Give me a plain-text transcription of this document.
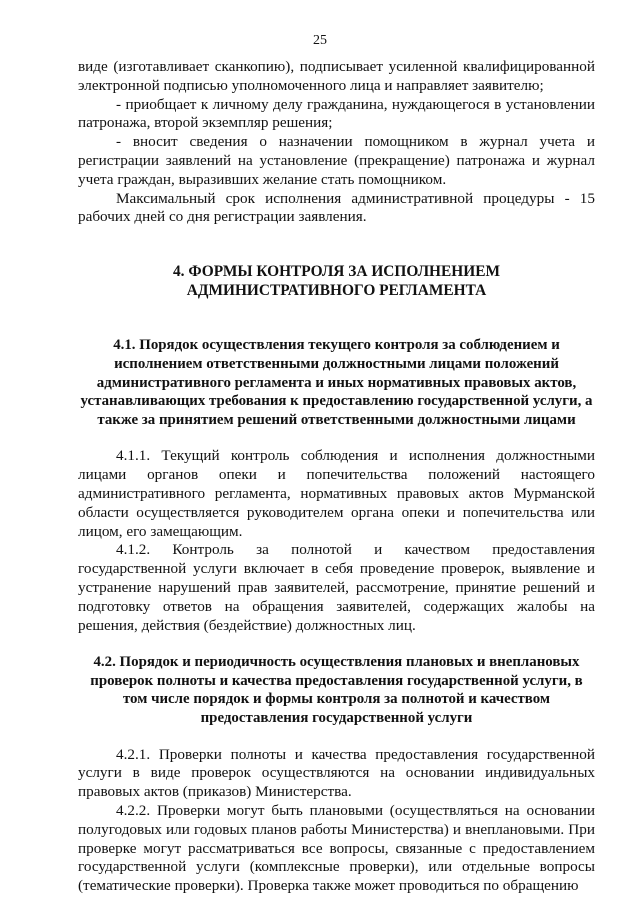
25

виде (изготавливает сканкопию), подписывает усиленной квалифицированной электронной подписью уполномоченного лица и направляет заявителю;

- приобщает к личному делу гражданина, нуждающегося в установлении патронажа, второй экземпляр решения;

- вносит сведения о назначении помощником в журнал учета и регистрации заявлений на установление (прекращение) патронажа и журнал учета граждан, выразивших желание стать помощником.

Максимальный срок исполнения административной процедуры - 15 рабочих дней со дня регистрации заявления.

4. ФОРМЫ КОНТРОЛЯ ЗА ИСПОЛНЕНИЕМ

АДМИНИСТРАТИВНОГО РЕГЛАМЕНТА

4.1. Порядок осуществления текущего контроля за соблюдением и исполнением ответственными должностными лицами положений административного регламента и иных нормативных правовых актов, устанавливающих требования к предоставлению государственной услуги, а также за принятием решений ответственными должностными лицами

4.1.1. Текущий контроль соблюдения и исполнения должностными лицами органов опеки и попечительства положений настоящего административного регламента, нормативных правовых актов Мурманской области осуществляется руководителем органа опеки и попечительства или лицом, его замещающим.

4.1.2. Контроль за полнотой и качеством предоставления государственной услуги включает в себя проведение проверок, выявление и устранение нарушений прав заявителей, рассмотрение, принятие решений и подготовку ответов на обращения заявителей, содержащих жалобы на решения, действия (бездействие) должностных лиц.

4.2. Порядок и периодичность осуществления плановых и внеплановых проверок полноты и качества предоставления государственной услуги, в том числе порядок и формы контроля за полнотой и качеством предоставления государственной услуги

4.2.1. Проверки полноты и качества предоставления государственной услуги в виде проверок осуществляются на основании индивидуальных правовых актов (приказов) Министерства.

4.2.2. Проверки могут быть плановыми (осуществляться на основании полугодовых или годовых планов работы Министерства) и внеплановыми. При проверке могут рассматриваться все вопросы, связанные с предоставлением государственной услуги (комплексные проверки), или отдельные вопросы (тематические проверки). Проверка также может проводиться по обращению
